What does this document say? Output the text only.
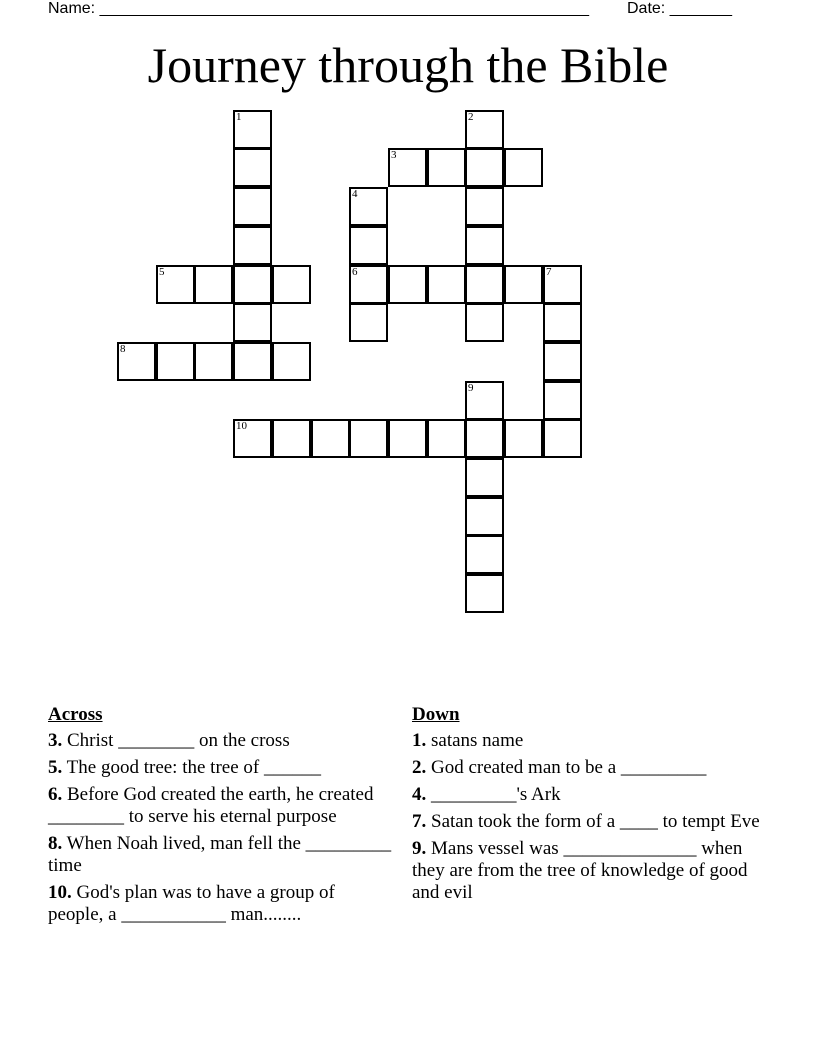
Name: _______________________________________________________ Date: _______
Journey through the Bible
1	2
3
4
6
5	7
8
9
10
Across
3. Christ ________ on the cross
5. The good tree: the tree of ______
6. Before God created the earth, he created ________ to serve his eternal purpose
8. When Noah lived, man fell the _________ time
10. God's plan was to have a group of people, a ___________ man........
Down
1. satans name
2. God created man to be a _________
4. _________'s Ark
7. Satan took the form of a ____ to tempt Eve
9. Mans vessel was ______________ when they are from the tree of knowledge of good and evil
